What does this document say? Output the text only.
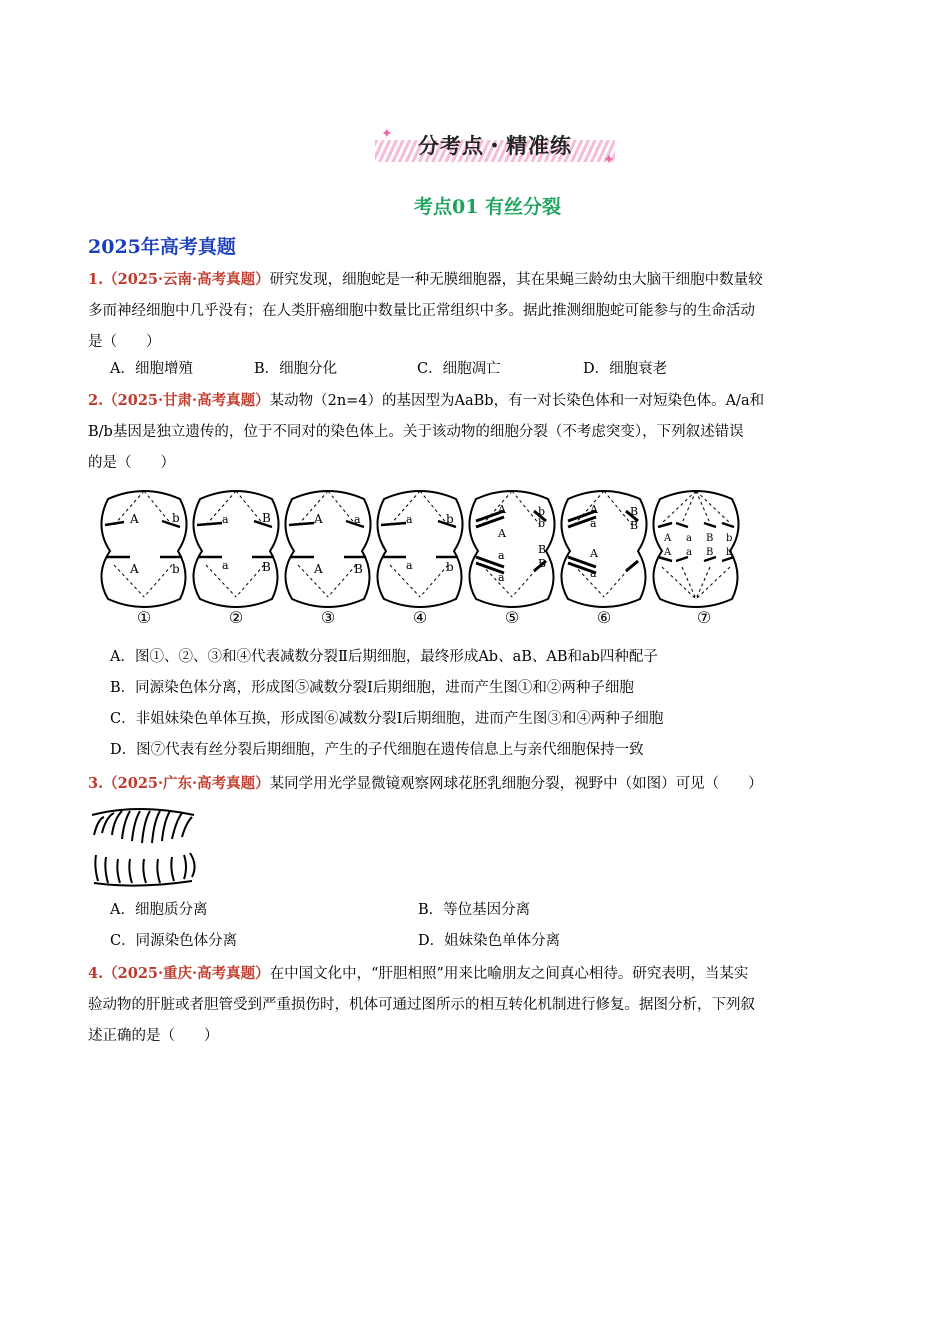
✦
✦
分考点・精准练
考点01 有丝分裂
2025年高考真题
1.（2025·云南·高考真题）研究发现，细胞蛇是一种无膜细胞器，其在果蝇三龄幼虫大脑干细胞中数量较
多而神经细胞中几乎没有；在人类肝癌细胞中数量比正常组织中多。据此推测细胞蛇可能参与的生命活动
是（　　）
A．细胞增殖	B．细胞分化	C．细胞凋亡	D．细胞衰老
2.（2025·甘肃·高考真题）某动物（2n=4）的基因型为AaBb，有一对长染色体和一对短染色体。A/a和
B/b基因是独立遗传的，位于不同对的染色体上。关于该动物的细胞分裂（不考虑突变），下列叙述错误
的是（　　）
A	b
A	b
a	B
a	B
A	a
A	B
a	b
a	b
A
A
b
b
B
B
a
a
A
a
B
B
A
a
A a B b
A a B b
①	②	③	④	⑤	⑥	⑦
A．图①、②、③和④代表减数分裂Ⅱ后期细胞，最终形成Ab、aB、AB和ab四种配子
B．同源染色体分离，形成图⑤减数分裂Ⅰ后期细胞，进而产生图①和②两种子细胞
C．非姐妹染色单体互换，形成图⑥减数分裂Ⅰ后期细胞，进而产生图③和④两种子细胞
D．图⑦代表有丝分裂后期细胞，产生的子代细胞在遗传信息上与亲代细胞保持一致
3.（2025·广东·高考真题）某同学用光学显微镜观察网球花胚乳细胞分裂，视野中（如图）可见（　　）
A．细胞质分离	B．等位基因分离
C．同源染色体分离	D．姐妹染色单体分离
4.（2025·重庆·高考真题）在中国文化中，“肝胆相照”用来比喻朋友之间真心相待。研究表明，当某实
验动物的肝脏或者胆管受到严重损伤时，机体可通过图所示的相互转化机制进行修复。据图分析，下列叙
述正确的是（　　）
